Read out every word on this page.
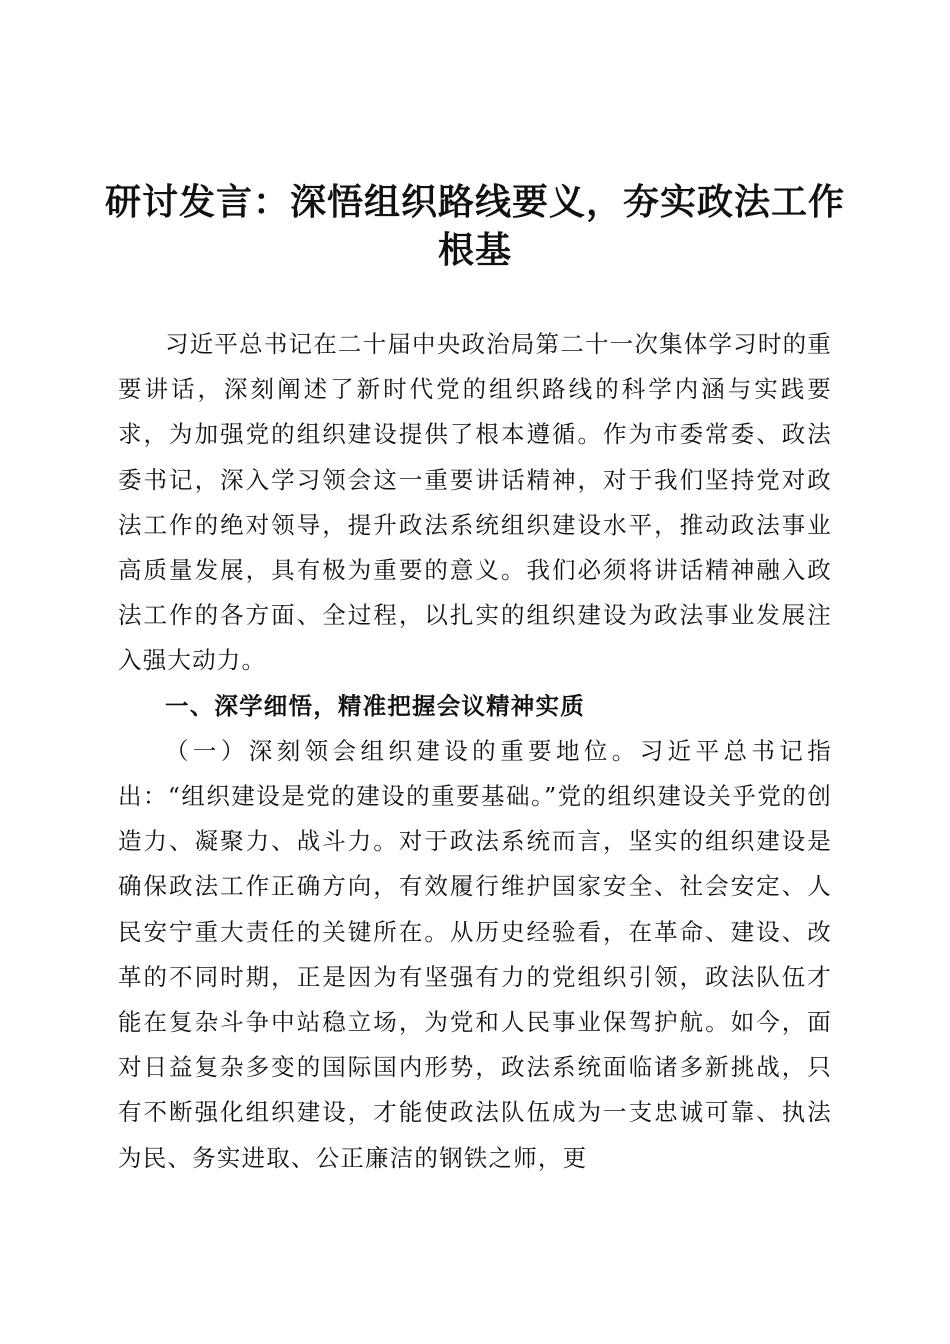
研讨发言：深悟组织路线要义，夯实政法工作根基

习近平总书记在二十届中央政治局第二十一次集体学习时的重要讲话，深刻阐述了新时代党的组织路线的科学内涵与实践要求，为加强党的组织建设提供了根本遵循。作为市委常委、政法委书记，深入学习领会这一重要讲话精神，对于我们坚持党对政法工作的绝对领导，提升政法系统组织建设水平，推动政法事业高质量发展，具有极为重要的意义。我们必须将讲话精神融入政法工作的各方面、全过程，以扎实的组织建设为政法事业发展注入强大动力。

一、深学细悟，精准把握会议精神实质

（一）深刻领会组织建设的重要地位。习近平总书记指出：“组织建设是党的建设的重要基础。”党的组织建设关乎党的创造力、凝聚力、战斗力。对于政法系统而言，坚实的组织建设是确保政法工作正确方向，有效履行维护国家安全、社会安定、人民安宁重大责任的关键所在。从历史经验看，在革命、建设、改革的不同时期，正是因为有坚强有力的党组织引领，政法队伍才能在复杂斗争中站稳立场，为党和人民事业保驾护航。如今，面对日益复杂多变的国际国内形势，政法系统面临诸多新挑战，只有不断强化组织建设，才能使政法队伍成为一支忠诚可靠、执法为民、务实进取、公正廉洁的钢铁之师，更
